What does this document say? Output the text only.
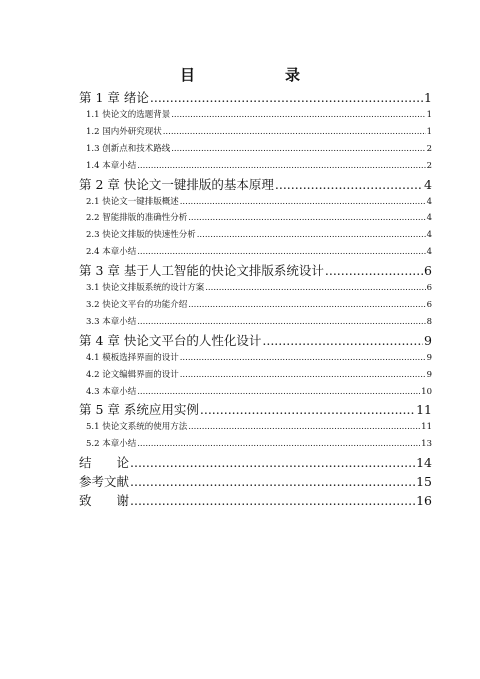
目　　录
第 1 章 绪论 .....	1
1.1 快论文的选题背景 .....	1
1.2 国内外研究现状 .....	1
1.3 创新点和技术路线 .....	2
1.4 本章小结 .....	2
第 2 章 快论文一键排版的基本原理 .....	4
2.1 快论文一键排版概述 .....	4
2.2 智能排版的准确性分析 .....	4
2.3 快论文排版的快速性分析 .....	4
2.4 本章小结 .....	4
第 3 章 基于人工智能的快论文排版系统设计 .....	6
3.1 快论文排版系统的设计方案 .....	6
3.2 快论文平台的功能介绍 .....	6
3.3 本章小结 .....	8
第 4 章 快论文平台的人性化设计 .....	9
4.1 模板选择界面的设计 .....	9
4.2 论文编辑界面的设计 .....	9
4.3 本章小结 .....	10
第 5 章 系统应用实例 .....	11
5.1 快论文系统的使用方法 .....	11
5.2 本章小结 .....	13
结　　论 .....	14
参考文献 .....	15
致　　谢 .....	16
